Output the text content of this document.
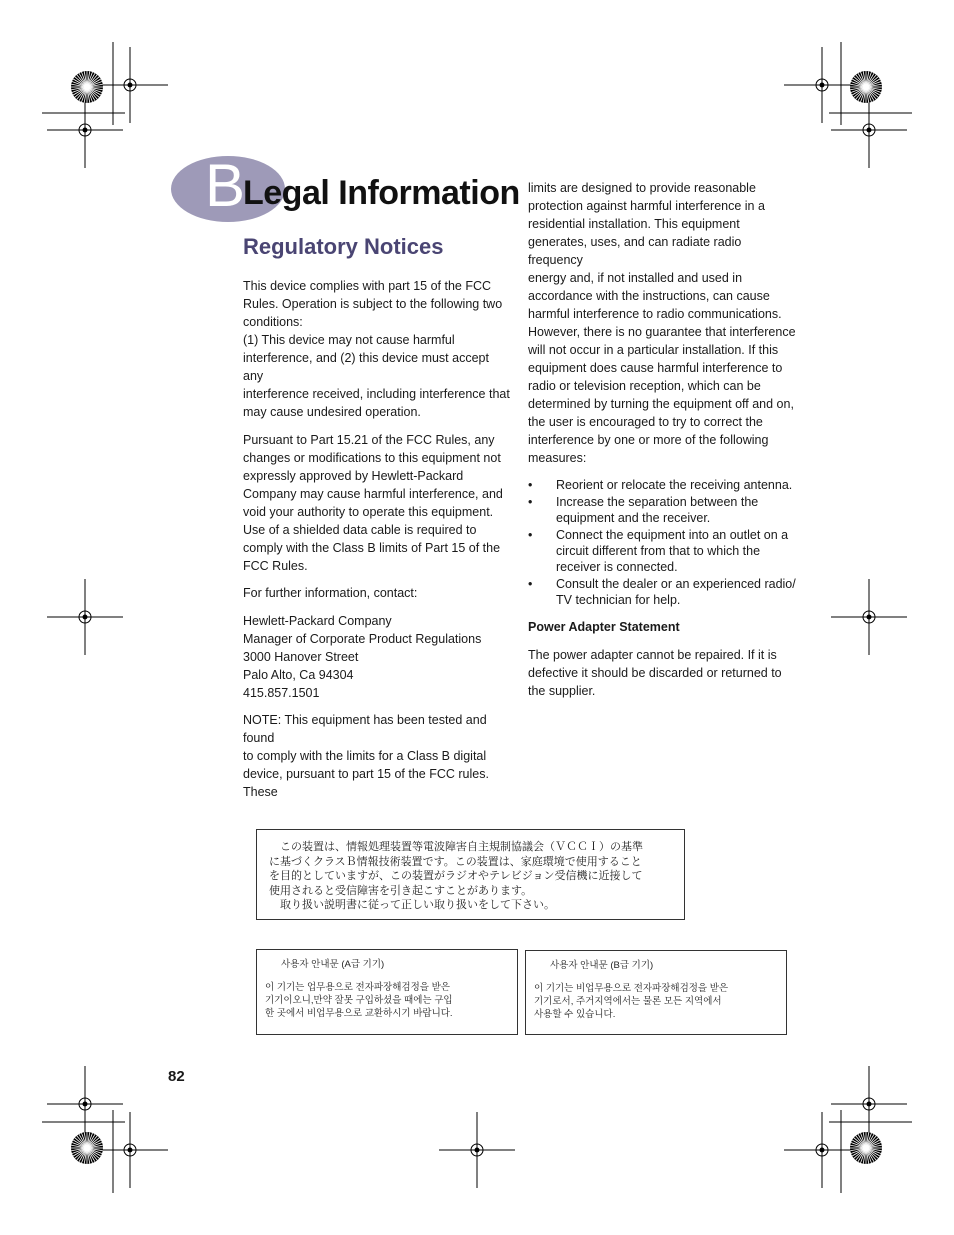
B
Legal Information
Regulatory Notices

This device complies with part 15 of the FCC
Rules. Operation is subject to the following two
conditions:
(1) This device may not cause harmful
interference, and (2) this device must accept any
interference received, including interference that
may cause undesired operation.

Pursuant to Part 15.21 of the FCC Rules, any
changes or modifications to this equipment not
expressly approved by Hewlett-Packard
Company may cause harmful interference, and
void your authority to operate this equipment.
Use of a shielded data cable is required to
comply with the Class B limits of Part 15 of the
FCC Rules.

For further information, contact:

Hewlett-Packard Company
Manager of Corporate Product Regulations
3000 Hanover Street
Palo Alto, Ca 94304
415.857.1501

NOTE: This equipment has been tested and found
to comply with the limits for a Class B digital
device, pursuant to part 15 of the FCC rules. These

limits are designed to provide reasonable
protection against harmful interference in a
residential installation. This equipment
generates, uses, and can radiate radio frequency
energy and, if not installed and used in
accordance with the instructions, can cause
harmful interference to radio communications.
However, there is no guarantee that interference
will not occur in a particular installation. If this
equipment does cause harmful interference to
radio or television reception, which can be
determined by turning the equipment off and on,
the user is encouraged to try to correct the
interference by one or more of the following
measures:

• Reorient or relocate the receiving antenna.
• Increase the separation between the
equipment and the receiver.
• Connect the equipment into an outlet on a
circuit different from that to which the
receiver is connected.
• Consult the dealer or an experienced radio/
TV technician for help.

Power Adapter Statement

The power adapter cannot be repaired. If it is
defective it should be discarded or returned to
the supplier.

　この装置は、情報処理装置等電波障害自主規制協議会（ＶＣＣＩ）の基準
に基づくクラスＢ情報技術装置です。この装置は、家庭環境で使用すること
を目的としていますが、この装置がラジオやテレビジョン受信機に近接して
使用されると受信障害を引き起こすことがあります。
　取り扱い説明書に従って正しい取り扱いをして下さい。
사용자 안내문 (A급 기기)
이 기기는 업무용으로 전자파장해검정을 받은
기기이오니,만약 잘못 구입하셨을 때에는 구입
한 곳에서 비업무용으로 교환하시기 바랍니다.
사용자 안내문 (B급 기기)
이 기기는 비업무용으로 전자파장해검정을 받은
기기로서, 주거지역에서는 물론 모든 지역에서
사용할 수 있습니다.
82
